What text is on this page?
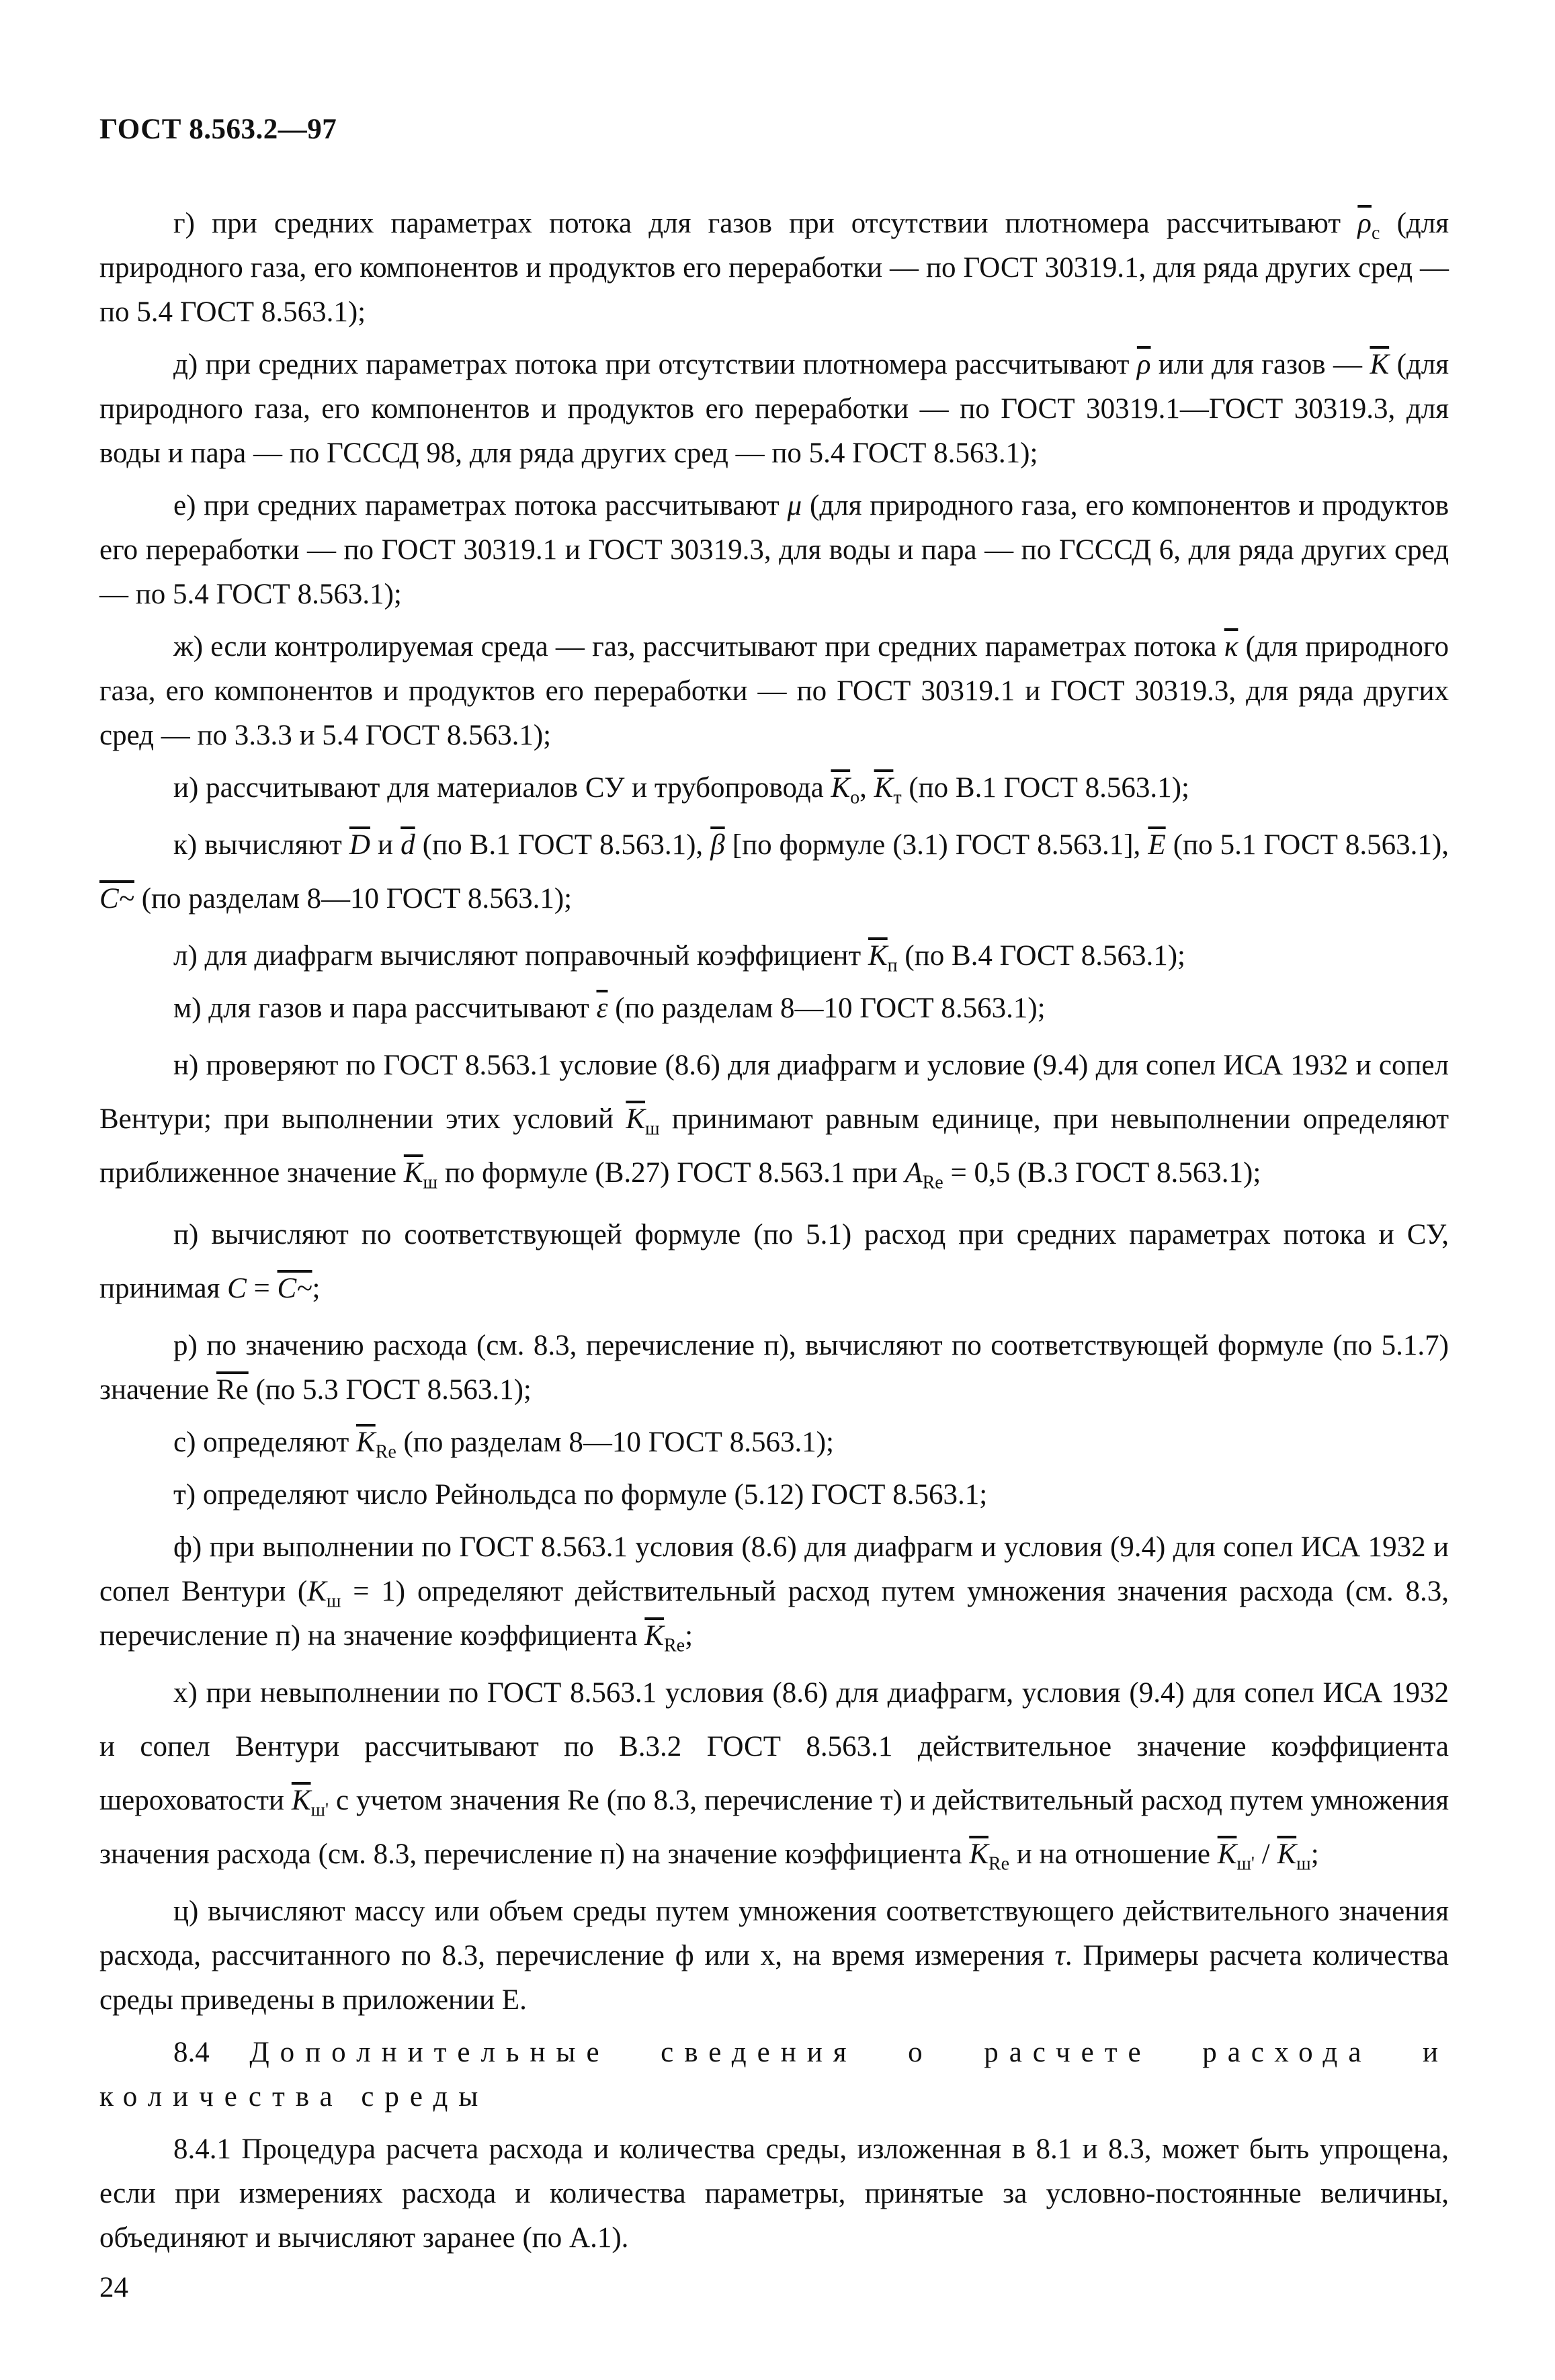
ГОСТ 8.563.2—97

г) при средних параметрах потока для газов при отсутствии плотномера рассчитывают $\overline{\rho}_c$ (для природного газа, его компонентов и продуктов его переработки — по ГОСТ 30319.1, для ряда других сред — по 5.4 ГОСТ 8.563.1);

д) при средних параметрах потока при отсутствии плотномера рассчитывают $\overline{\rho}$ или для газов — $\overline{K}$ (для природного газа, его компонентов и продуктов его переработки — по ГОСТ 30319.1—ГОСТ 30319.3, для воды и пара — по ГСССД 98, для ряда других сред — по 5.4 ГОСТ 8.563.1);

е) при средних параметрах потока рассчитывают μ (для природного газа, его компонентов и продуктов его переработки — по ГОСТ 30319.1 и ГОСТ 30319.3, для воды и пара — по ГСССД 6, для ряда других сред — по 5.4 ГОСТ 8.563.1);

ж) если контролируемая среда — газ, рассчитывают при средних параметрах потока $\overline{\kappa}$ (для природного газа, его компонентов и продуктов его переработки — по ГОСТ 30319.1 и ГОСТ 30319.3, для ряда других сред — по 3.3.3 и 5.4 ГОСТ 8.563.1);

и) рассчитывают для материалов СУ и трубопровода $\overline{K}_о$, $\overline{K}_т$ (по В.1 ГОСТ 8.563.1);

к) вычисляют $\overline{D}$ и $\overline{d}$ (по В.1 ГОСТ 8.563.1), $\overline{\beta}$ [по формуле (3.1) ГОСТ 8.563.1], $\overline{E}$ (по 5.1 ГОСТ 8.563.1), C~ (по разделам 8—10 ГОСТ 8.563.1);

л) для диафрагм вычисляют поправочный коэффициент $\overline{K}_п$ (по В.4 ГОСТ 8.563.1);

м) для газов и пара рассчитывают $\overline{\varepsilon}$ (по разделам 8—10 ГОСТ 8.563.1);

н) проверяют по ГОСТ 8.563.1 условие (8.6) для диафрагм и условие (9.4) для сопел ИСА 1932 и сопел Вентури; при выполнении этих условий $\overline{K}_ш$ принимают равным единице, при невыполнении определяют приближенное значение $\overline{K}_ш$ по формуле (В.27) ГОСТ 8.563.1 при $A_{Re} = 0,5$ (В.3 ГОСТ 8.563.1);

п) вычисляют по соответствующей формуле (по 5.1) расход при средних параметрах потока и СУ, принимая C = C~;

р) по значению расхода (см. 8.3, перечисление п), вычисляют по соответствующей формуле (по 5.1.7) значение $\overline{Re}$ (по 5.3 ГОСТ 8.563.1);

с) определяют $\overline{K}_{Re}$ (по разделам 8—10 ГОСТ 8.563.1);

т) определяют число Рейнольдса по формуле (5.12) ГОСТ 8.563.1;

ф) при выполнении по ГОСТ 8.563.1 условия (8.6) для диафрагм и условия (9.4) для сопел ИСА 1932 и сопел Вентури $(K_ш = 1)$ определяют действительный расход путем умножения значения расхода (см. 8.3, перечисление п) на значение коэффициента $\overline{K}_{Re}$;

х) при невыполнении по ГОСТ 8.563.1 условия (8.6) для диафрагм, условия (9.4) для сопел ИСА 1932 и сопел Вентури рассчитывают по В.3.2 ГОСТ 8.563.1 действительное значение коэффициента шероховатости $\overline{K}_{ш'}$ с учетом значения Re (по 8.3, перечисление т) и действительный расход путем умножения значения расхода (см. 8.3, перечисление п) на значение коэффициента $\overline{K}_{Re}$ и на отношение $\overline{K}_{ш'} / \overline{K}_ш$;

ц) вычисляют массу или объем среды путем умножения соответствующего действительного значения расхода, рассчитанного по 8.3, перечисление ф или х, на время измерения τ. Примеры расчета количества среды приведены в приложении Е.

8.4 Дополнительные сведения о расчете расхода и количества среды

8.4.1 Процедура расчета расхода и количества среды, изложенная в 8.1 и 8.3, может быть упрощена, если при измерениях расхода и количества параметры, принятые за условно-постоянные величины, объединяют и вычисляют заранее (по А.1).

24
